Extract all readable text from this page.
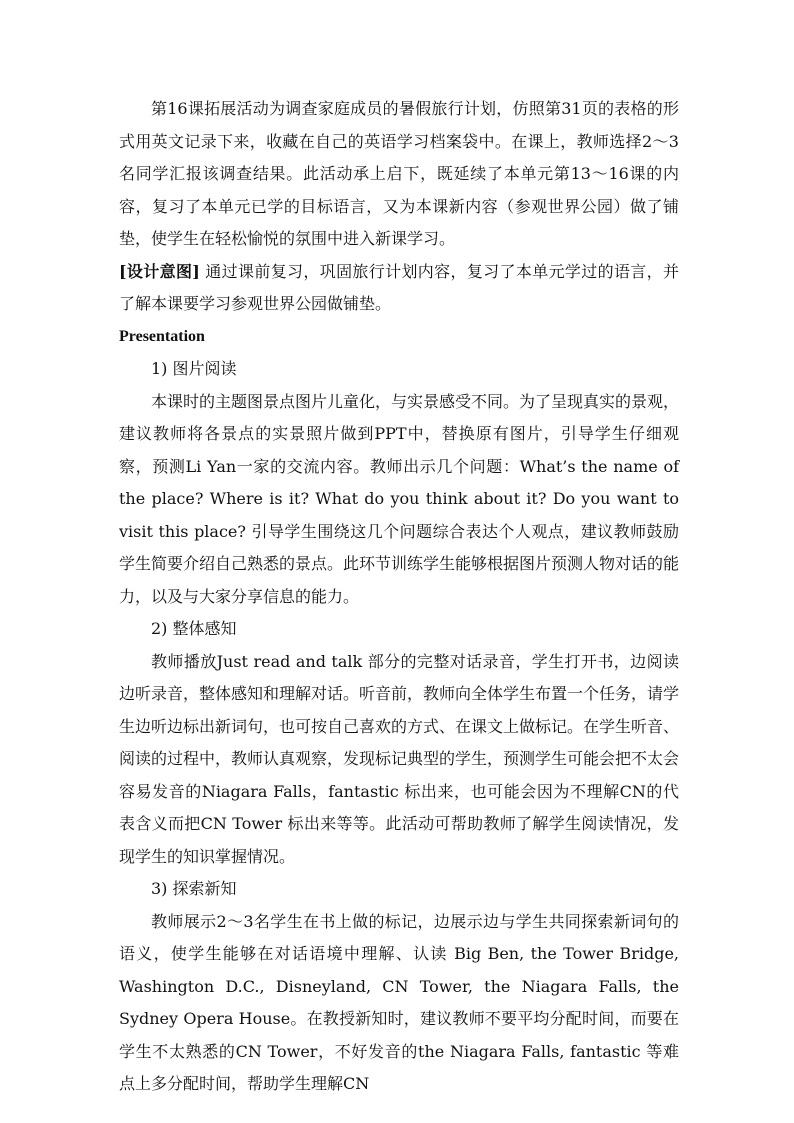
第16课拓展活动为调查家庭成员的暑假旅行计划，仿照第31页的表格的形式用英文记录下来，收藏在自己的英语学习档案袋中。在课上，教师选择2～3名同学汇报该调查结果。此活动承上启下，既延续了本单元第13～16课的内容，复习了本单元已学的目标语言，又为本课新内容（参观世界公园）做了铺垫，使学生在轻松愉悦的氛围中进入新课学习。

[设计意图] 通过课前复习，巩固旅行计划内容，复习了本单元学过的语言，并了解本课要学习参观世界公园做铺垫。

Presentation

1) 图片阅读

本课时的主题图景点图片儿童化，与实景感受不同。为了呈现真实的景观，建议教师将各景点的实景照片做到PPT中，替换原有图片，引导学生仔细观察，预测Li Yan一家的交流内容。教师出示几个问题：What’s the name of the place? Where is it? What do you think about it? Do you want to visit this place? 引导学生围绕这几个问题综合表达个人观点，建议教师鼓励学生简要介绍自己熟悉的景点。此环节训练学生能够根据图片预测人物对话的能力，以及与大家分享信息的能力。

2) 整体感知

教师播放Just read and talk 部分的完整对话录音，学生打开书，边阅读边听录音，整体感知和理解对话。听音前，教师向全体学生布置一个任务，请学生边听边标出新词句，也可按自己喜欢的方式、在课文上做标记。在学生听音、阅读的过程中，教师认真观察，发现标记典型的学生，预测学生可能会把不太会容易发音的Niagara Falls，fantastic 标出来，也可能会因为不理解CN的代表含义而把CN Tower 标出来等等。此活动可帮助教师了解学生阅读情况，发现学生的知识掌握情况。

3) 探索新知

教师展示2～3名学生在书上做的标记，边展示边与学生共同探索新词句的语义，使学生能够在对话语境中理解、认读 Big Ben, the Tower Bridge, Washington D.C., Disneyland, CN Tower, the Niagara Falls, the Sydney Opera House。在教授新知时，建议教师不要平均分配时间，而要在学生不太熟悉的CN Tower，不好发音的the Niagara Falls, fantastic 等难点上多分配时间，帮助学生理解CN
